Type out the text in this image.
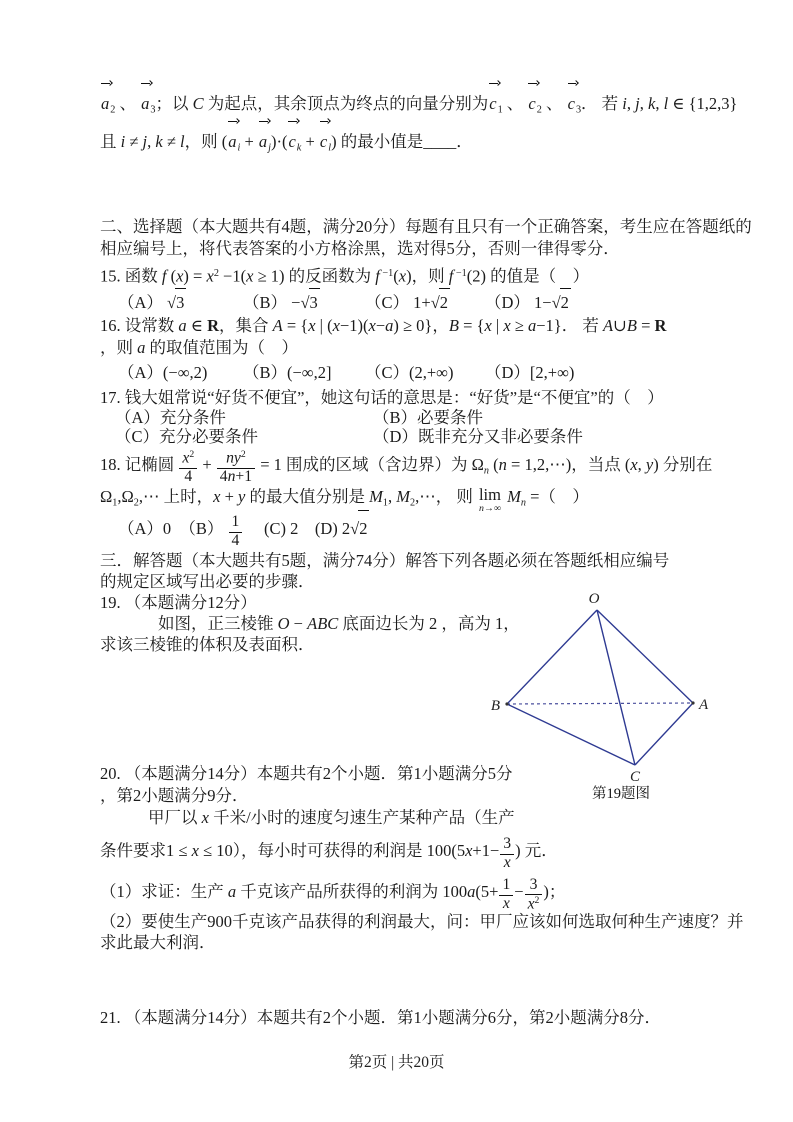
$a_2$ 、 $a_3$；以 C 为起点，其余顶点为终点的向量分别为$c_1$ 、 $c_2$ 、 $c_3$． 若 i, j, k, l ∈ {1,2,3}
且 i ≠ j, k ≠ l，则 $(a_i + a_j)\cdot(c_k + c_l)$ 的最小值是____．
二、选择题（本大题共有4题，满分20分）每题有且只有一个正确答案，考生应在答题纸的
相应编号上，将代表答案的小方格涂黑，选对得5分，否则一律得零分．
15. 函数 f $(x) = x^2 -1(x \ge 1)$ 的反函数为 f $^{-1}$(x)，则 f $^{-1}$(2) 的值是（　）
（A） √3	（B） −√3	（C） 1+√2	（D） 1−√2
16. 设常数 a ∈ R，集合 A = {x | (x−1)(x−a) ≥ 0}，B = {x | x ≥ a−1}． 若 A∪B = R
，则 a 的取值范围为（　）
（A）(−∞,2)	（B）(−∞,2]	（C）(2,+∞)	（D）[2,+∞)
17. 钱大姐常说“好货不便宜”，她这句话的意思是：“好货”是“不便宜”的（　）
（A）充分条件	（B）必要条件
（C）充分必要条件	（D）既非充分又非必要条件
18. 记椭圆 $\frac{x^2}{4} + \frac{ny^2}{4n+1} = 1$ 围成的区域（含边界）为 $\Omega_n$ (n = 1,2,⋯)，当点 (x, y) 分别在
$\Omega_1,\Omega_2,\cdots$ 上时，x + y 的最大值分别是 $M_1$, $M_2,\cdots$， 则 lim
n→∞
$M_n$ =（　）
（A）0　$(B) \frac{1}{4}$ 　 (C) 2　(D) 2√2
三．解答题（本大题共有5题，满分74分）解答下列各题必须在答题纸相应编号
的规定区域写出必要的步骤．
19. （本题满分12分）
如图，正三棱锥 O − ABC 底面边长为 2 ，高为 1，
求该三棱锥的体积及表面积．
20. （本题满分14分）本题共有2个小题．第1小题满分5分
，第2小题满分9分．
甲厂以 x 千米/小时的速度匀速生产某种产品（生产
条件要求1 ≤ x ≤ 10），每小时可获得的利润是 $100(5x+1- \frac{3}{x}$ ) 元．
（1）求证：生产 a 千克该产品所获得的利润为 $100a(5+ \frac{1}{x} - \frac{3}{x^2}$ )；
（2）要使生产900千克该产品获得的利润最大，问：甲厂应该如何选取何种生产速度？并
求此最大利润．
21. （本题满分14分）本题共有2个小题．第1小题满分6分，第2小题满分8分．
O
B	A
C
第19题图
第2页 | 共20页
